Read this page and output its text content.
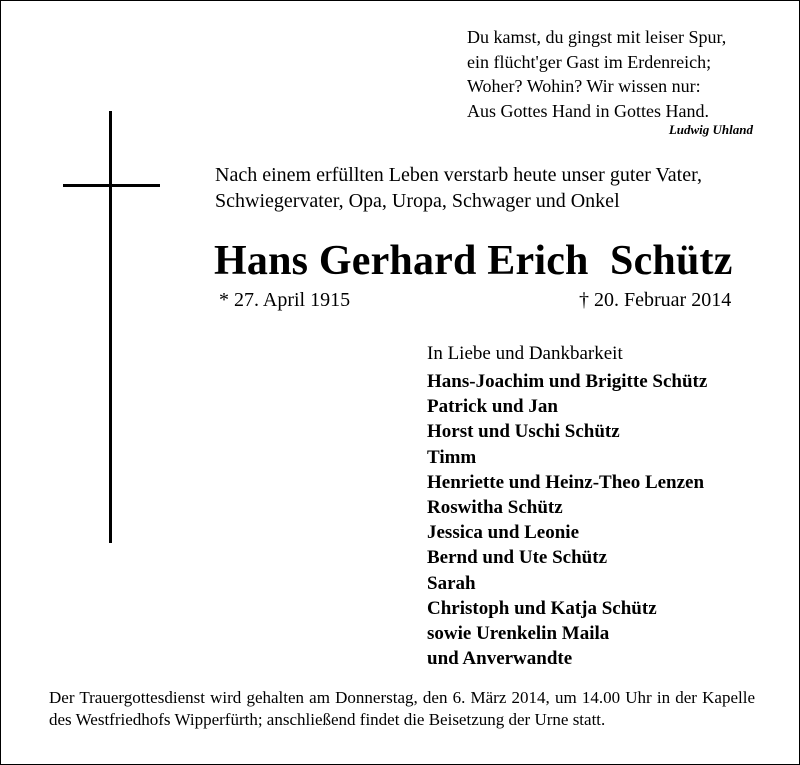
Du kamst, du gingst mit leiser Spur,
ein flücht'ger Gast im Erdenreich;
Woher? Wohin? Wir wissen nur:
Aus Gottes Hand in Gottes Hand.
Ludwig Uhland
Nach einem erfüllten Leben verstarb heute unser guter Vater,
Schwiegervater, Opa, Uropa, Schwager und Onkel
Hans Gerhard Erich  Schütz
* 27. April 1915	† 20. Februar 2014
In Liebe und Dankbarkeit
Hans-Joachim und Brigitte Schütz
Patrick und Jan
Horst und Uschi Schütz
Timm
Henriette und Heinz-Theo Lenzen
Roswitha Schütz
Jessica und Leonie
Bernd und Ute Schütz
Sarah
Christoph und Katja Schütz
sowie Urenkelin Maila
und Anverwandte
Der Trauergottesdienst wird gehalten am Donnerstag, den 6. März 2014, um 14.00 Uhr in der Kapelle des Westfriedhofs Wipperfürth; anschließend findet die Beisetzung der Urne statt.
